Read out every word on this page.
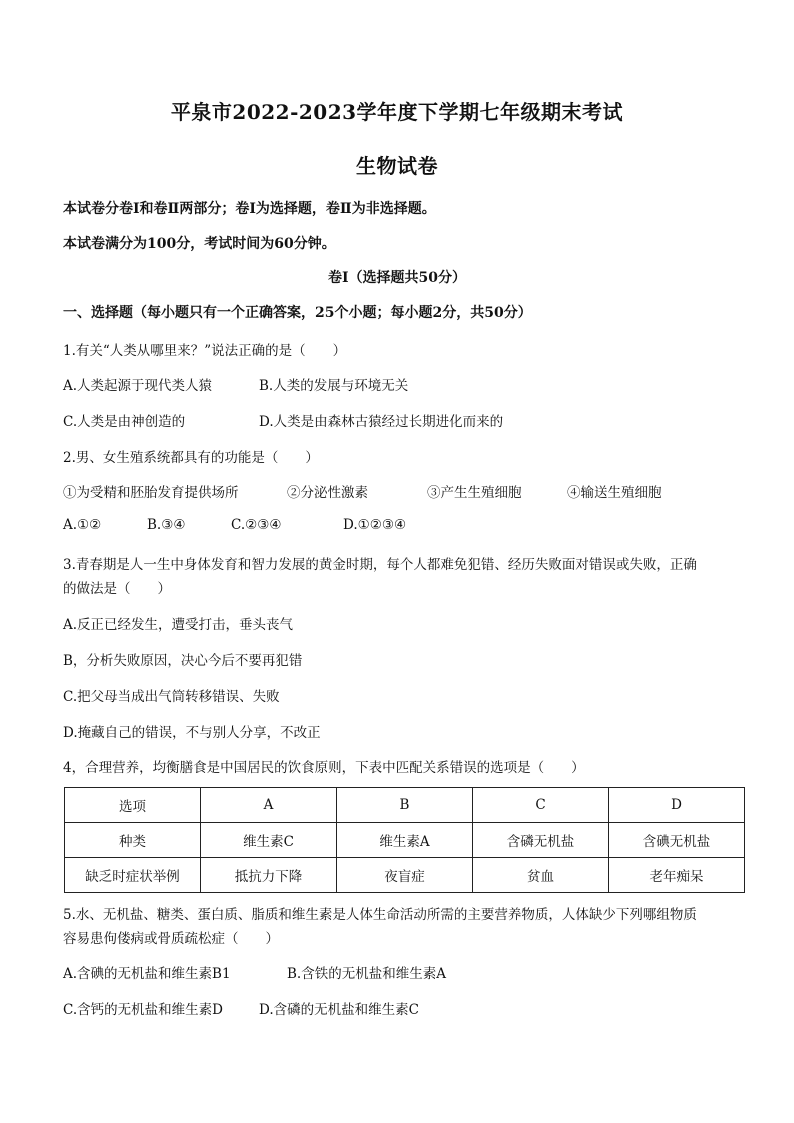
平泉市2022-2023学年度下学期七年级期末考试
生物试卷
本试卷分卷Ⅰ和卷Ⅱ两部分；卷Ⅰ为选择题，卷Ⅱ为非选择题。
本试卷满分为100分，考试时间为60分钟。
卷Ⅰ（选择题共50分）
一、选择题（每小题只有一个正确答案，25个小题；每小题2分，共50分）
1.有关“人类从哪里来？”说法正确的是（　　）
A.人类起源于现代类人猿	B.人类的发展与环境无关
C.人类是由神创造的	D.人类是由森林古猿经过长期进化而来的
2.男、女生殖系统都具有的功能是（　　）
①为受精和胚胎发育提供场所	②分泌性激素	③产生生殖细胞	④输送生殖细胞
A.①②	B.③④	C.②③④	D.①②③④
3.青春期是人一生中身体发育和智力发展的黄金时期，每个人都难免犯错、经历失败面对错误或失败，正确
的做法是（　　）
A.反正已经发生，遭受打击，垂头丧气
B，分析失败原因，决心今后不要再犯错
C.把父母当成出气筒转移错误、失败
D.掩藏自己的错误，不与别人分享，不改正
4，合理营养，均衡膳食是中国居民的饮食原则，下表中匹配关系错误的选项是（　　）
选项	A	B	C	D
种类	维生素C	维生素A	含磷无机盐	含碘无机盐
缺乏时症状举例	抵抗力下降	夜盲症	贫血	老年痴呆
5.水、无机盐、糖类、蛋白质、脂质和维生素是人体生命活动所需的主要营养物质，人体缺少下列哪组物质
容易患佝偻病或骨质疏松症（　　）
A.含碘的无机盐和维生素B1	B.含铁的无机盐和维生素A
C.含钙的无机盐和维生素D	D.含磷的无机盐和维生素C
